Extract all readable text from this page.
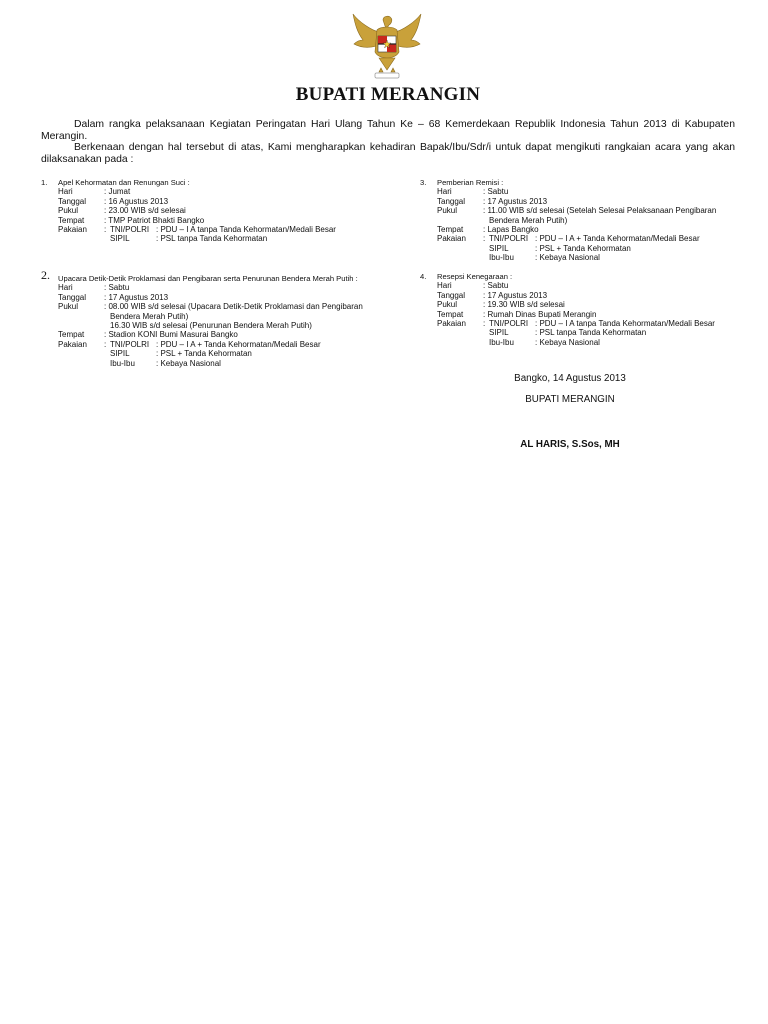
BUPATI MERANGIN

Dalam rangka pelaksanaan Kegiatan Peringatan Hari Ulang Tahun Ke – 68 Kemerdekaan Republik Indonesia Tahun 2013 di Kabupaten Merangin.

Berkenaan dengan hal tersebut di atas, Kami mengharapkan kehadiran Bapak/Ibu/Sdr/i untuk dapat mengikuti rangkaian acara yang akan dilaksanakan pada :

1.	Apel Kehormatan dan Renungan Suci :
Hari	: Jumat
Tanggal	: 16 Agustus 2013
Pukul	: 23.00 WIB s/d selesai
Tempat	: TMP Patriot Bhakti Bangko
Pakaian	: TNI/POLRI : PDU – I A tanpa Tanda Kehormatan/Medali Besar
SIPIL	: PSL tanpa Tanda Kehormatan
2.	Upacara Detik-Detik Proklamasi dan Pengibaran serta Penurunan Bendera Merah Putih :
Hari	: Sabtu
Tanggal	: 17 Agustus 2013
Pukul	: 08.00 WIB s/d selesai (Upacara Detik-Detik Proklamasi dan Pengibaran
Bendera Merah Putih)
16.30 WIB s/d selesai (Penurunan Bendera Merah Putih)
Tempat	: Stadion KONI Bumi Masurai Bangko
Pakaian	: TNI/POLRI : PDU – I A + Tanda Kehormatan/Medali Besar
SIPIL	: PSL + Tanda Kehormatan
Ibu-Ibu	: Kebaya Nasional
3.	Pemberian Remisi :
Hari	: Sabtu
Tanggal	: 17 Agustus 2013
Pukul	: 11.00 WIB s/d selesai (Setelah Selesai Pelaksanaan Pengibaran
Bendera Merah Putih)
Tempat	: Lapas Bangko
Pakaian	: TNI/POLRI : PDU – I A + Tanda Kehormatan/Medali Besar
SIPIL	: PSL + Tanda Kehormatan
Ibu-Ibu	: Kebaya Nasional
4.	Resepsi Kenegaraan :
Hari	: Sabtu
Tanggal	: 17 Agustus 2013
Pukul	: 19.30 WIB s/d selesai
Tempat	: Rumah Dinas Bupati Merangin
Pakaian	: TNI/POLRI : PDU – I A tanpa Tanda Kehormatan/Medali Besar
SIPIL	: PSL tanpa Tanda Kehormatan
Ibu-Ibu	: Kebaya Nasional
Bangko, 14 Agustus 2013
BUPATI MERANGIN
AL HARIS, S.Sos, MH
